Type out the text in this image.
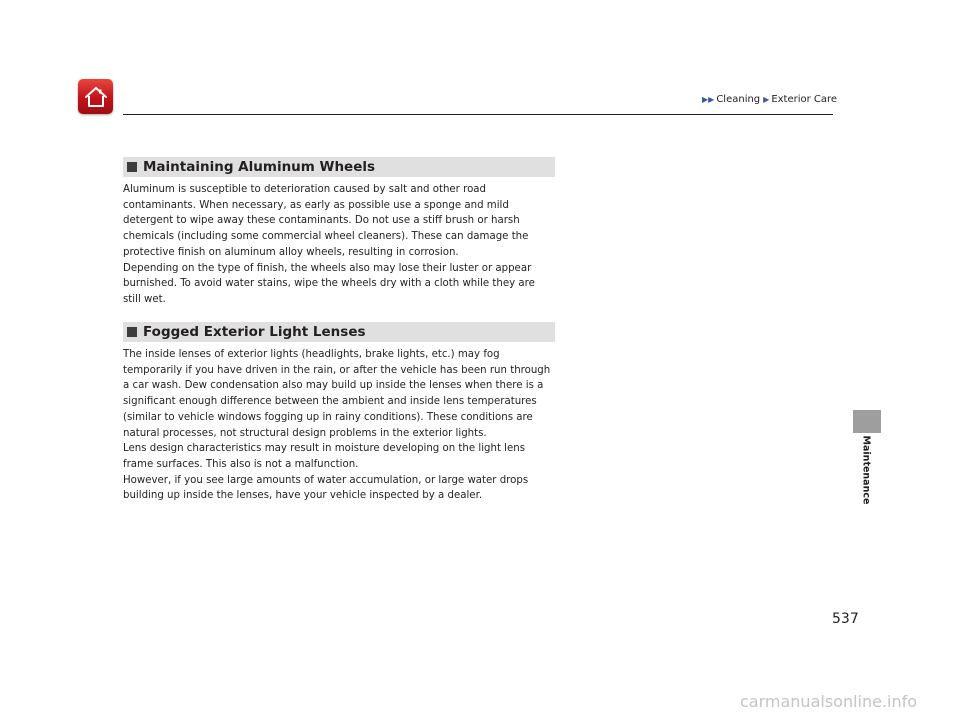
▶▶ Cleaning ▶ Exterior Care
Maintaining Aluminum Wheels

Aluminum is susceptible to deterioration caused by salt and other road contaminants. When necessary, as early as possible use a sponge and mild detergent to wipe away these contaminants. Do not use a stiff brush or harsh chemicals (including some commercial wheel cleaners). These can damage the protective finish on aluminum alloy wheels, resulting in corrosion.

Depending on the type of finish, the wheels also may lose their luster or appear burnished. To avoid water stains, wipe the wheels dry with a cloth while they are still wet.

Fogged Exterior Light Lenses

The inside lenses of exterior lights (headlights, brake lights, etc.) may fog temporarily if you have driven in the rain, or after the vehicle has been run through a car wash. Dew condensation also may build up inside the lenses when there is a significant enough difference between the ambient and inside lens temperatures (similar to vehicle windows fogging up in rainy conditions). These conditions are natural processes, not structural design problems in the exterior lights.

Lens design characteristics may result in moisture developing on the light lens frame surfaces. This also is not a malfunction.

However, if you see large amounts of water accumulation, or large water drops building up inside the lenses, have your vehicle inspected by a dealer.	Maintenance
537
carmanualsonline.info
